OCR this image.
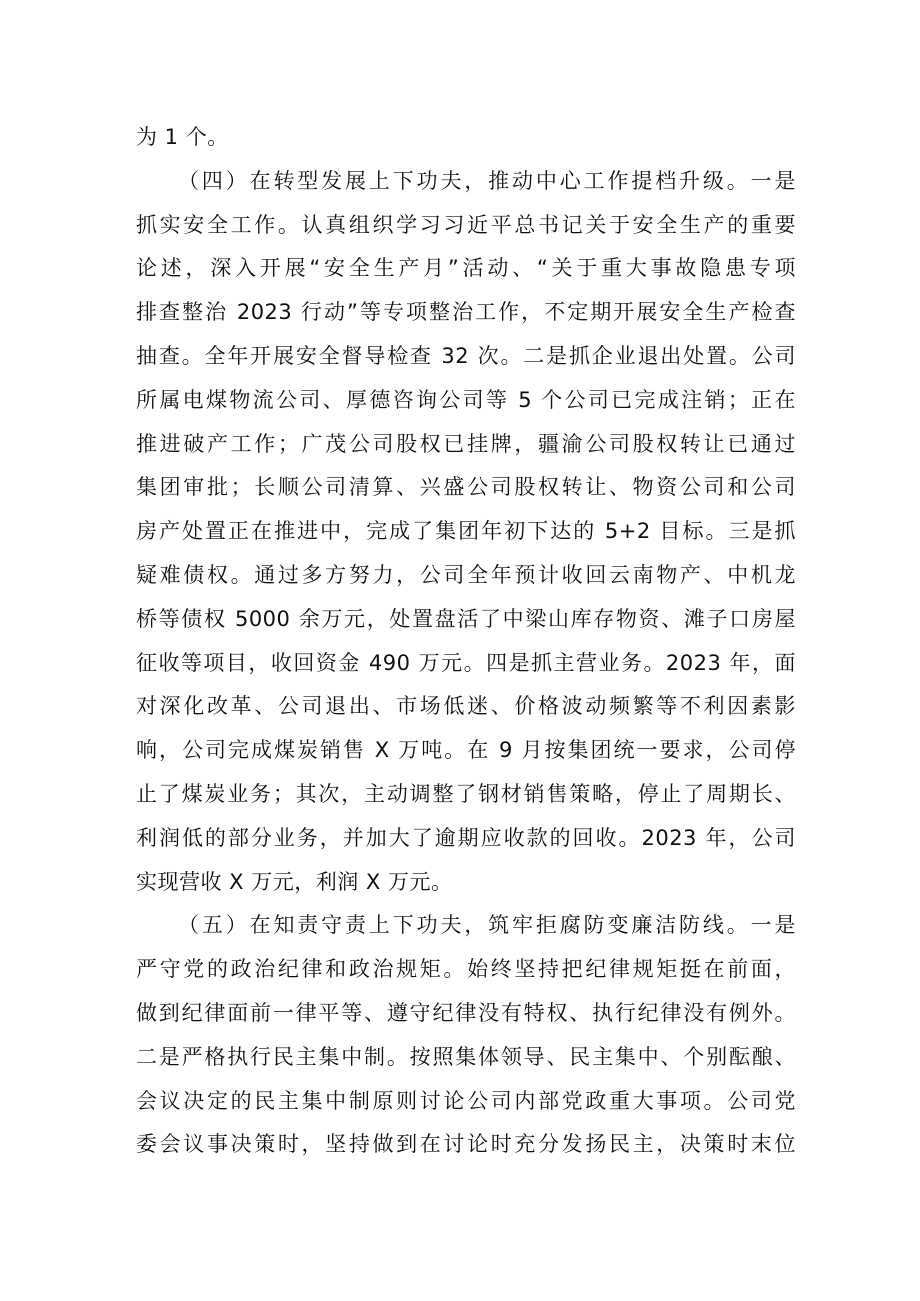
为 1 个。
（四）在转型发展上下功夫，推动中心工作提档升级。一是
抓实安全工作。认真组织学习习近平总书记关于安全生产的重要
论述，深入开展“安全生产月”活动、“关于重大事故隐患专项
排查整治 2023 行动”等专项整治工作，不定期开展安全生产检查
抽查。全年开展安全督导检查 32 次。二是抓企业退出处置。公司
所属电煤物流公司、厚德咨询公司等 5 个公司已完成注销；正在
推进破产工作；广茂公司股权已挂牌，疆渝公司股权转让已通过
集团审批；长顺公司清算、兴盛公司股权转让、物资公司和公司
房产处置正在推进中，完成了集团年初下达的 5+2 目标。三是抓
疑难债权。通过多方努力，公司全年预计收回云南物产、中机龙
桥等债权 5000 余万元，处置盘活了中梁山库存物资、滩子口房屋
征收等项目，收回资金 490 万元。四是抓主营业务。2023 年，面
对深化改革、公司退出、市场低迷、价格波动频繁等不利因素影
响，公司完成煤炭销售 X 万吨。在 9 月按集团统一要求，公司停
止了煤炭业务；其次，主动调整了钢材销售策略，停止了周期长、
利润低的部分业务，并加大了逾期应收款的回收。2023 年，公司
实现营收 X 万元，利润 X 万元。
（五）在知责守责上下功夫，筑牢拒腐防变廉洁防线。一是
严守党的政治纪律和政治规矩。始终坚持把纪律规矩挺在前面，
做到纪律面前一律平等、遵守纪律没有特权、执行纪律没有例外。
二是严格执行民主集中制。按照集体领导、民主集中、个别酝酿、
会议决定的民主集中制原则讨论公司内部党政重大事项。公司党
委会议事决策时，坚持做到在讨论时充分发扬民主，决策时末位
